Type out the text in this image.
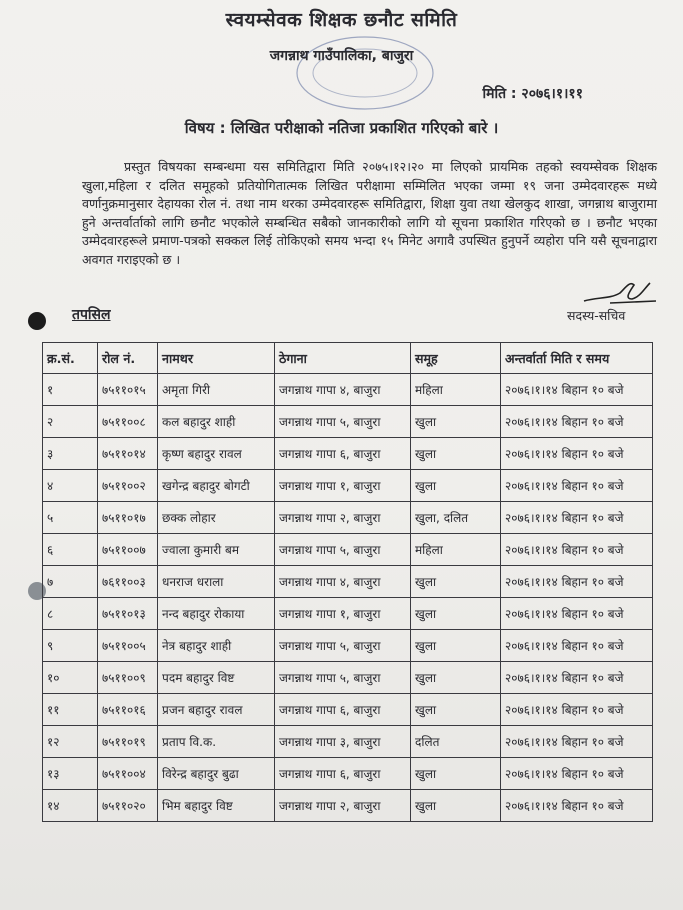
स्वयम्सेवक शिक्षक छनौट समिति
जगन्नाथ गाउँपालिका, बाजुरा
मिति : २०७६।१।११
विषय : लिखित परीक्षाको नतिजा प्रकाशित गरिएको बारे ।
प्रस्तुत विषयका सम्बन्धमा यस समितिद्वारा मिति २०७५।१२।२० मा लिएको प्रायमिक तहको स्वयम्सेवक शिक्षक खुला,महिला र दलित समूहको प्रतियोगितात्मक लिखित परीक्षामा सम्मिलित भएका जम्मा १९ जना उम्मेदवारहरू मध्ये वर्णानुक्रमानुसार देहायका रोल नं. तथा नाम थरका उम्मेदवारहरू समितिद्वारा, शिक्षा युवा तथा खेलकुद शाखा, जगन्नाथ बाजुरामा हुने अन्तर्वार्ताको लागि छनौट भएकोले सम्बन्धित सबैको जानकारीको लागि यो सूचना प्रकाशित गरिएको छ । छनौट भएका उम्मेदवारहरूले प्रमाण-पत्रको सक्कल लिई तोकिएको समय भन्दा १५ मिनेट अगावै उपस्थित हुनुपर्ने व्यहोरा पनि यसै सूचनाद्वारा अवगत गराइएको छ ।
तपसिल	सदस्य-सचिव
क्र.सं.	रोल नं.	नामथर	ठेगाना	समूह	अन्तर्वार्ता मिति र समय
१	७५११०१५	अमृता गिरी	जगन्नाथ गापा ४, बाजुरा	महिला	२०७६।१।१४ बिहान १० बजे
२	७५११००८	कल बहादुर शाही	जगन्नाथ गापा ५, बाजुरा	खुला	२०७६।१।१४ बिहान १० बजे
३	७५११०१४	कृष्ण बहादुर रावल	जगन्नाथ गापा ६, बाजुरा	खुला	२०७६।१।१४ बिहान १० बजे
४	७५११००२	खगेन्द्र बहादुर बोगटी	जगन्नाथ गापा १, बाजुरा	खुला	२०७६।१।१४ बिहान १० बजे
५	७५११०१७	छक्क लोहार	जगन्नाथ गापा २, बाजुरा	खुला, दलित	२०७६।१।१४ बिहान १० बजे
६	७५११००७	ज्वाला कुमारी बम	जगन्नाथ गापा ५, बाजुरा	महिला	२०७६।१।१४ बिहान १० बजे
७	७६११००३	धनराज धराला	जगन्नाथ गापा ४, बाजुरा	खुला	२०७६।१।१४ बिहान १० बजे
८	७५११०१३	नन्द बहादुर रोकाया	जगन्नाथ गापा १, बाजुरा	खुला	२०७६।१।१४ बिहान १० बजे
९	७५११००५	नेत्र बहादुर शाही	जगन्नाथ गापा ५, बाजुरा	खुला	२०७६।१।१४ बिहान १० बजे
१०	७५११००९	पदम बहादुर विष्ट	जगन्नाथ गापा ५, बाजुरा	खुला	२०७६।१।१४ बिहान १० बजे
११	७५११०१६	प्रजन बहादुर रावल	जगन्नाथ गापा ६, बाजुरा	खुला	२०७६।१।१४ बिहान १० बजे
१२	७५११०१९	प्रताप वि.क.	जगन्नाथ गापा ३, बाजुरा	दलित	२०७६।१।१४ बिहान १० बजे
१३	७५११००४	विरेन्द्र बहादुर बुढा	जगन्नाथ गापा ६, बाजुरा	खुला	२०७६।१।१४ बिहान १० बजे
१४	७५११०२०	भिम बहादुर विष्ट	जगन्नाथ गापा २, बाजुरा	खुला	२०७६।१।१४ बिहान १० बजे
